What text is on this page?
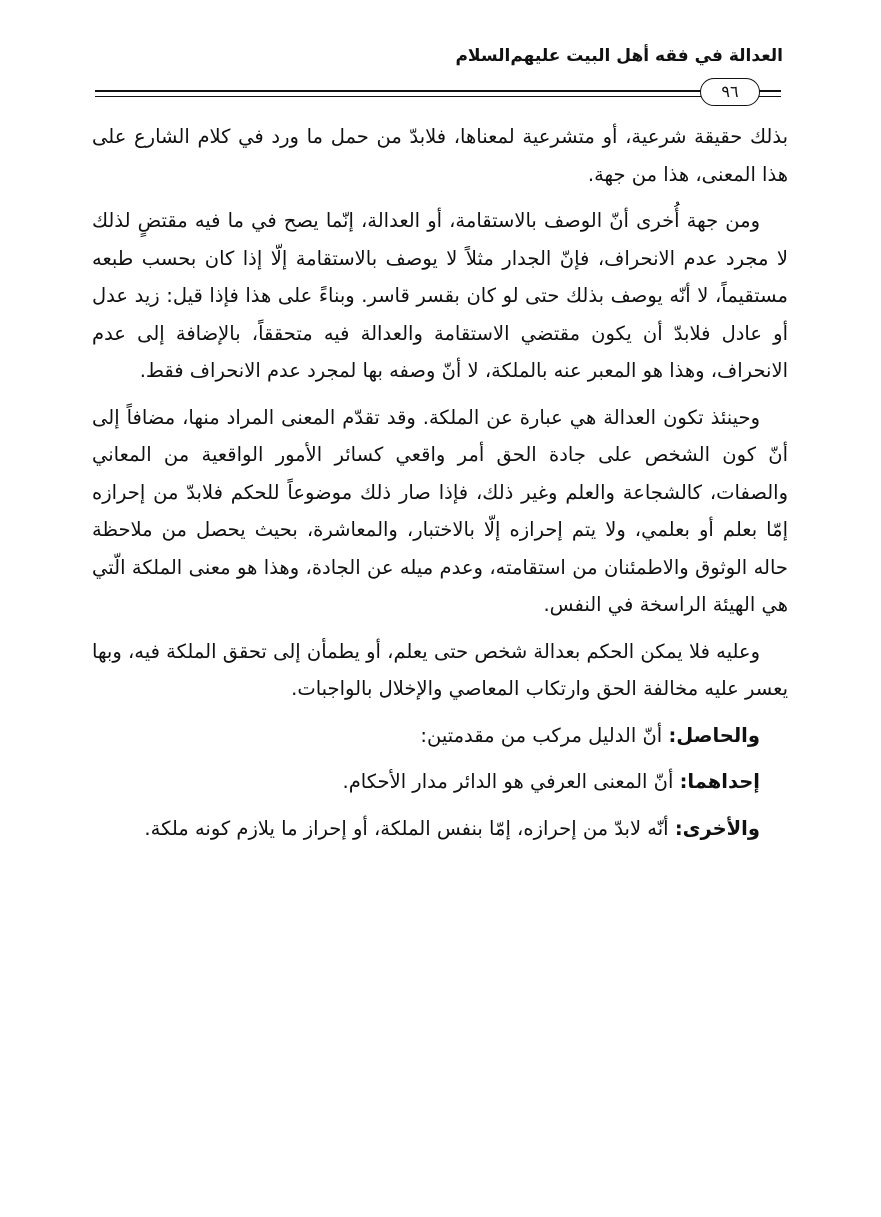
العدالة في فقه أهل البيت علیهم‌السلام
٩٦

بذلك حقيقة شرعية، أو متشرعية لمعناها، فلابدّ من حمل ما ورد في كلام الشارع على هذا المعنى، هذا من جهة.

ومن جهة أُخرى أنّ الوصف بالاستقامة، أو العدالة، إنّما يصح في ما فيه مقتضٍ لذلك لا مجرد عدم الانحراف، فإنّ الجدار مثلاً لا يوصف بالاستقامة إلّا إذا كان بحسب طبعه مستقيماً، لا أنّه يوصف بذلك حتى لو كان بقسر قاسر. وبناءً على هذا فإذا قيل: زيد عدل أو عادل فلابدّ أن يكون مقتضي الاستقامة والعدالة فيه متحققاً، بالإضافة إلى عدم الانحراف، وهذا هو المعبر عنه بالملكة، لا أنّ وصفه بها لمجرد عدم الانحراف فقط.

وحينئذ تكون العدالة هي عبارة عن الملكة. وقد تقدّم المعنى المراد منها، مضافاً إلى أنّ كون الشخص على جادة الحق أمر واقعي كسائر الأمور الواقعية من المعاني والصفات، كالشجاعة والعلم وغير ذلك، فإذا صار ذلك موضوعاً للحكم فلابدّ من إحرازه إمّا بعلم أو بعلمي، ولا يتم إحرازه إلّا بالاختبار، والمعاشرة، بحيث يحصل من ملاحظة حاله الوثوق والاطمئنان من استقامته، وعدم ميله عن الجادة، وهذا هو معنى الملكة الّتي هي الهيئة الراسخة في النفس.

وعليه فلا يمكن الحكم بعدالة شخص حتى يعلم، أو يطمأن إلى تحقق الملكة فيه، وبها يعسر عليه مخالفة الحق وارتكاب المعاصي والإخلال بالواجبات.

والحاصل: أنّ الدليل مركب من مقدمتين:

إحداهما: أنّ المعنى العرفي هو الدائر مدار الأحكام.

والأخرى: أنّه لابدّ من إحرازه، إمّا بنفس الملكة، أو إحراز ما يلازم كونه ملكة.
